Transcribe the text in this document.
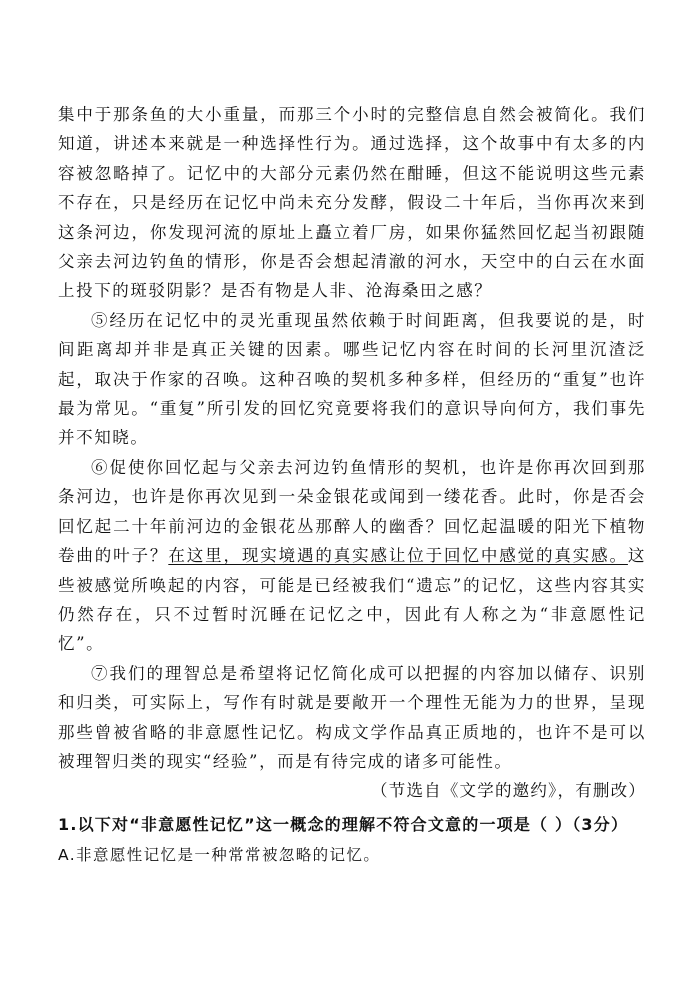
集中于那条鱼的大小重量，而那三个小时的完整信息自然会被简化。我们知道，讲述本来就是一种选择性行为。通过选择，这个故事中有太多的内容被忽略掉了。记忆中的大部分元素仍然在酣睡，但这不能说明这些元素不存在，只是经历在记忆中尚未充分发酵，假设二十年后，当你再次来到这条河边，你发现河流的原址上矗立着厂房，如果你猛然回忆起当初跟随父亲去河边钓鱼的情形，你是否会想起清澈的河水，天空中的白云在水面上投下的斑驳阴影？是否有物是人非、沧海桑田之感？

⑤经历在记忆中的灵光重现虽然依赖于时间距离，但我要说的是，时间距离却并非是真正关键的因素。哪些记忆内容在时间的长河里沉渣泛起，取决于作家的召唤。这种召唤的契机多种多样，但经历的“重复”也许最为常见。“重复”所引发的回忆究竟要将我们的意识导向何方，我们事先并不知晓。

⑥促使你回忆起与父亲去河边钓鱼情形的契机，也许是你再次回到那条河边，也许是你再次见到一朵金银花或闻到一缕花香。此时，你是否会回忆起二十年前河边的金银花丛那醉人的幽香？回忆起温暖的阳光下植物卷曲的叶子？在这里，现实境遇的真实感让位于回忆中感觉的真实感。这些被感觉所唤起的内容，可能是已经被我们“遗忘”的记忆，这些内容其实仍然存在，只不过暂时沉睡在记忆之中，因此有人称之为“非意愿性记忆”。

⑦我们的理智总是希望将记忆简化成可以把握的内容加以储存、识别和归类，可实际上，写作有时就是要敞开一个理性无能为力的世界，呈现那些曾被省略的非意愿性记忆。构成文学作品真正质地的，也许不是可以被理智归类的现实“经验”，而是有待完成的诸多可能性。

（节选自《文学的邀约》，有删改）

1.以下对“非意愿性记忆”这一概念的理解不符合文意的一项是（ ）（3分）

A.非意愿性记忆是一种常常被忽略的记忆。
